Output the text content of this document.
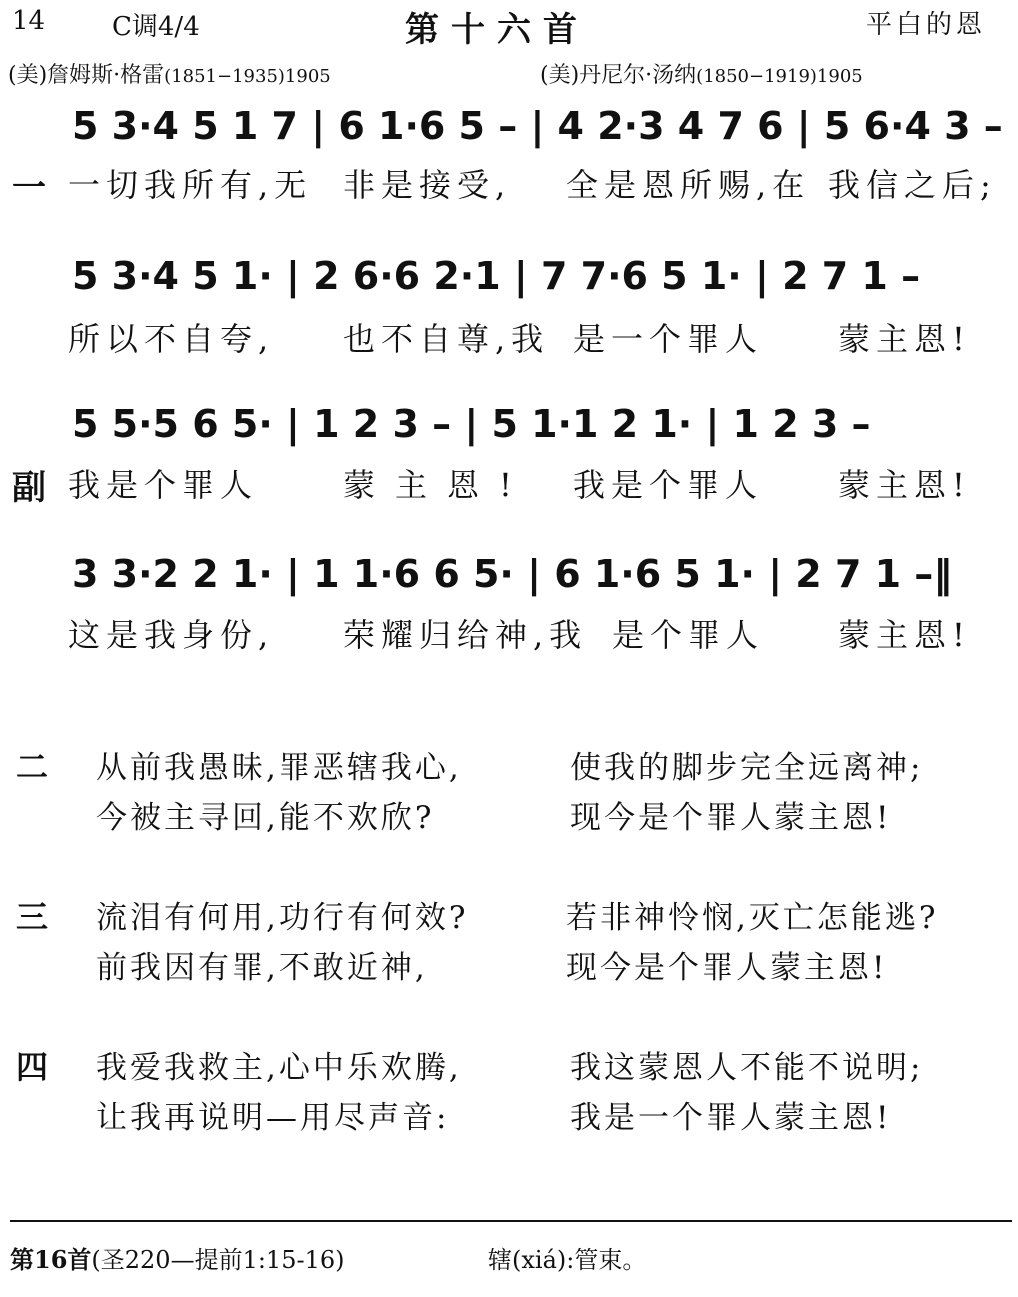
14	C调4/4	第十六首	平白的恩
(美)詹姆斯·格雷(1851−1935)1905	(美)丹尼尔·汤纳(1850−1919)1905
5 3·4 5 1 7 | 6 1·6 5 – | 4 2·3 4 7 6 | 5 6·4 3 –
一 一切我所有,无 非是接受, 全是恩所赐,在 我信之后;
5 3·4 5 1· | 2 6·6 2·1 | 7 7·6 5 1· | 2 7 1 –
所以不自夸, 也不自尊,我 是一个罪人 蒙主恩!
5 5·5 6 5· | 1 2 3 – | 5 1·1 2 1· | 1 2 3 –
副 我是个罪人	蒙主恩! 我是个罪人 蒙主恩!
3 3·2 2 1· | 1 1·6 6 5· | 6 1·6 5 1· | 2 7 1 –‖
这是我身份, 荣耀归给神,我 是个罪人 蒙主恩!
二 从前我愚昧,罪恶辖我心,	使我的脚步完全远离神;
今被主寻回,能不欢欣?	现今是个罪人蒙主恩!
三 流泪有何用,功行有何效?	若非神怜悯,灭亡怎能逃?
前我因有罪,不敢近神,	现今是个罪人蒙主恩!
四 我爱我救主,心中乐欢腾,	我这蒙恩人不能不说明;
让我再说明—用尽声音:	我是一个罪人蒙主恩!
第16首(圣220—提前1:15-16)	辖(xiá):管束。
